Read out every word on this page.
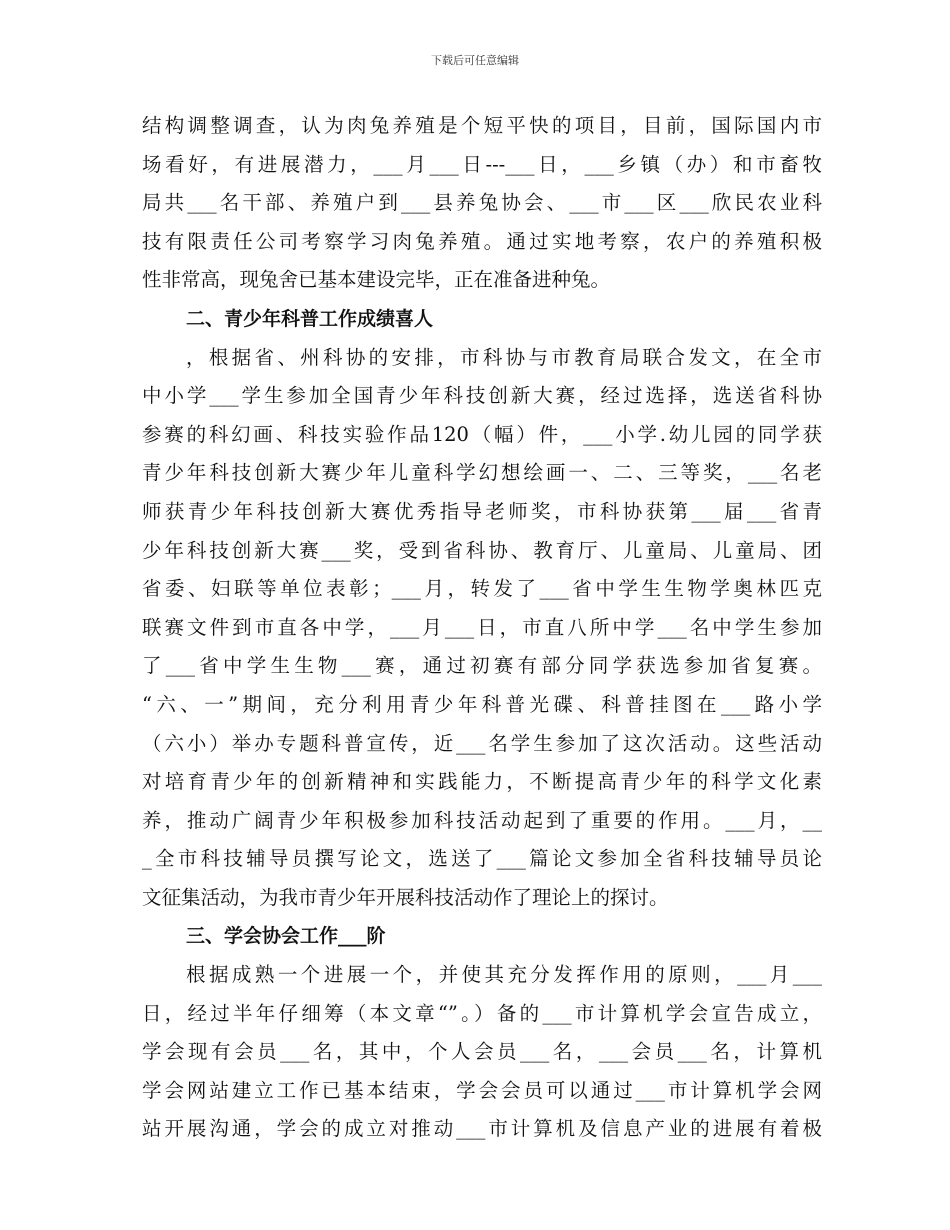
下载后可任意编辑
结构调整调查，认为肉兔养殖是个短平快的项目，目前，国际国内市
场看好，有进展潜力，___月___日---___日，___乡镇（办）和市畜牧
局共___名干部、养殖户到___县养兔协会、___市___区___欣民农业科
技有限责任公司考察学习肉兔养殖。通过实地考察，农户的养殖积极
性非常高，现兔舍已基本建设完毕，正在准备进种兔。
二、青少年科普工作成绩喜人
，根据省、州科协的安排，市科协与市教育局联合发文，在全市
中小学___学生参加全国青少年科技创新大赛，经过选择，选送省科协
参赛的科幻画、科技实验作品120（幅）件，___小学.幼儿园的同学获
青少年科技创新大赛少年儿童科学幻想绘画一、二、三等奖，___名老
师获青少年科技创新大赛优秀指导老师奖，市科协获第___届___省青
少年科技创新大赛___奖，受到省科协、教育厅、儿童局、儿童局、团
省委、妇联等单位表彰；___月，转发了___省中学生生物学奥林匹克
联赛文件到市直各中学，___月___日，市直八所中学___名中学生参加
了___省中学生生物___赛，通过初赛有部分同学获选参加省复赛。
“六、一”期间，充分利用青少年科普光碟、科普挂图在___路小学
（六小）举办专题科普宣传，近___名学生参加了这次活动。这些活动
对培育青少年的创新精神和实践能力，不断提高青少年的科学文化素
养，推动广阔青少年积极参加科技活动起到了重要的作用。___月，__
_全市科技辅导员撰写论文，选送了___篇论文参加全省科技辅导员论
文征集活动，为我市青少年开展科技活动作了理论上的探讨。
三、学会协会工作___阶
根据成熟一个进展一个，并使其充分发挥作用的原则，___月___
日，经过半年仔细筹（本文章“”。）备的___市计算机学会宣告成立，
学会现有会员___名，其中，个人会员___名，___会员___名，计算机
学会网站建立工作已基本结束，学会会员可以通过___市计算机学会网
站开展沟通，学会的成立对推动___市计算机及信息产业的进展有着极
